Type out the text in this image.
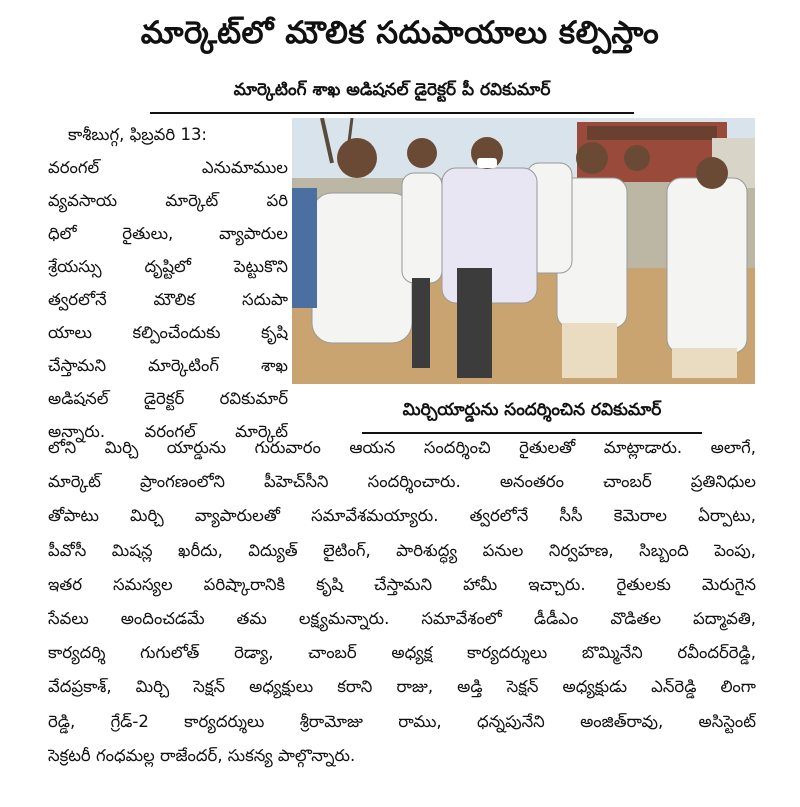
మార్కెట్‌లో మౌలిక సదుపాయాలు కల్పిస్తాం
మార్కెటింగ్ శాఖ అడిషనల్ డైరెక్టర్ పీ రవికుమార్
కాశీబుగ్గ, ఫిబ్రవరి 13:
వరంగల్ ఎనుమాముల
వ్యవసాయ మార్కెట్ పరి
ధిలో రైతులు, వ్యాపారుల
శ్రేయస్సు దృష్టిలో పెట్టుకొని
త్వరలోనే మౌలిక సదుపా
యాలు కల్పించేందుకు కృషి
చేస్తామని మార్కెటింగ్ శాఖ
అడిషనల్ డైరెక్టర్ రవికుమార్
అన్నారు. వరంగల్ మార్కెట్
మిర్చియార్డును సందర్శించిన రవికుమార్
లోని మిర్చి యార్డును గురువారం ఆయన సందర్శించి రైతులతో మాట్లాడారు. అలాగే,
మార్కెట్ ప్రాంగణంలోని పీహెచ్‌సీని సందర్శించారు. అనంతరం చాంబర్ ప్రతినిధుల
తోపాటు మిర్చి వ్యాపారులతో సమావేశమయ్యారు. త్వరలోనే సీసీ కెమెరాల ఏర్పాటు,
పీవోసీ మిషన్ల ఖరీదు, విద్యుత్ లైటింగ్, పారిశుద్ధ్య పనుల నిర్వహణ, సిబ్బంది పెంపు,
ఇతర సమస్యల పరిష్కారానికి కృషి చేస్తామని హామీ ఇచ్చారు. రైతులకు మెరుగైన
సేవలు అందించడమే తమ లక్ష్యమన్నారు. సమావేశంలో డీడీఎం వొడితల పద్మావతి,
కార్యదర్శి గుగులోత్ రెడ్యా, చాంబర్ అధ్యక్ష కార్యదర్శులు బొమ్మినేని రవీందర్‌రెడ్డి,
వేదప్రకాశ్, మిర్చి సెక్షన్ అధ్యక్షులు కరాని రాజు, అడ్తి సెక్షన్ అధ్యక్షుడు ఎన్‌రెడ్డి లింగా
రెడ్డి, గ్రేడ్-2 కార్యదర్శులు శ్రీరామోజు రాము, ధన్నపునేని అంజిత్‌రావు, అసిస్టెంట్
సెక్రటరీ గంధమల్ల రాజేందర్, సుకన్య పాల్గొన్నారు.
